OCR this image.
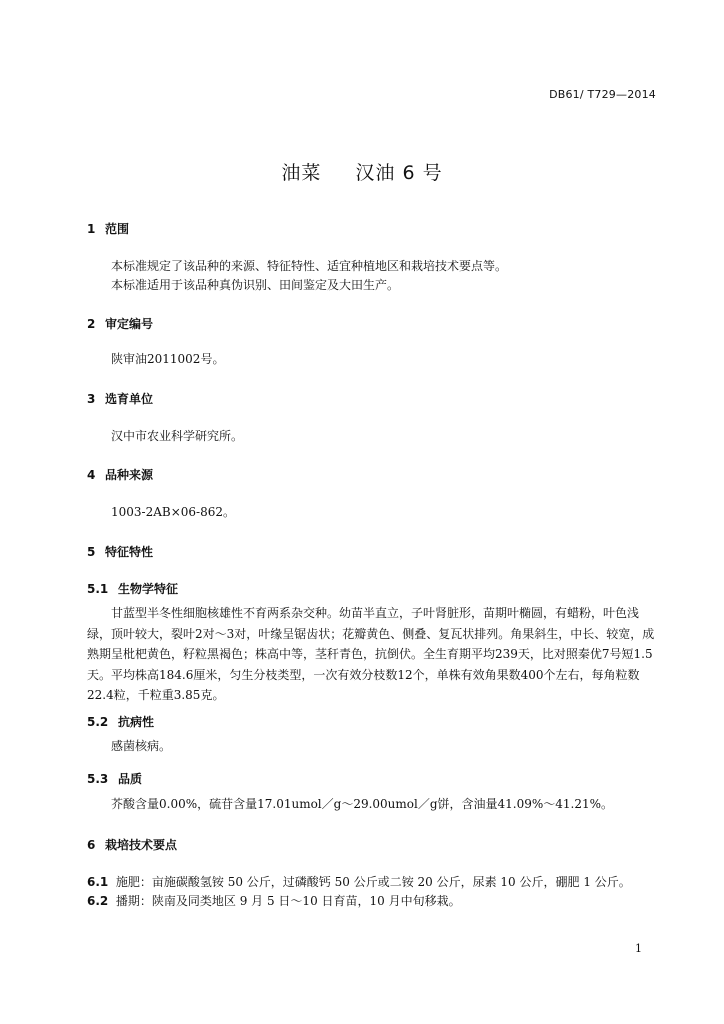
DB61/ T729—2014
油菜 汉油 6 号
1 范围
本标准规定了该品种的来源、特征特性、适宜种植地区和栽培技术要点等。
本标准适用于该品种真伪识别、田间鉴定及大田生产。
2 审定编号
陕审油2011002号。
3 选育单位
汉中市农业科学研究所。
4 品种来源
1003-2AB×06-862。
5 特征特性
5.1 生物学特征
甘蓝型半冬性细胞核雄性不育两系杂交种。幼苗半直立，子叶肾脏形，苗期叶椭圆，有蜡粉，叶色浅绿，顶叶较大，裂叶2对～3对，叶缘呈锯齿状；花瓣黄色、侧叠、复瓦状排列。角果斜生，中长、较宽，成熟期呈枇杷黄色，籽粒黑褐色；株高中等，茎秆青色，抗倒伏。全生育期平均239天，比对照秦优7号短1.5天。平均株高184.6厘米，匀生分枝类型，一次有效分枝数12个，单株有效角果数400个左右，每角粒数22.4粒，千粒重3.85克。
5.2 抗病性
感菌核病。
5.3 品质
芥酸含量0.00%，硫苷含量17.01umol／g～29.00umol／g饼，含油量41.09%～41.21%。
6 栽培技术要点
6.1 施肥：亩施碳酸氢铵 50 公斤，过磷酸钙 50 公斤或二铵 20 公斤，尿素 10 公斤，硼肥 1 公斤。
6.2 播期：陕南及同类地区 9 月 5 日～10 日育苗，10 月中旬移栽。
1
